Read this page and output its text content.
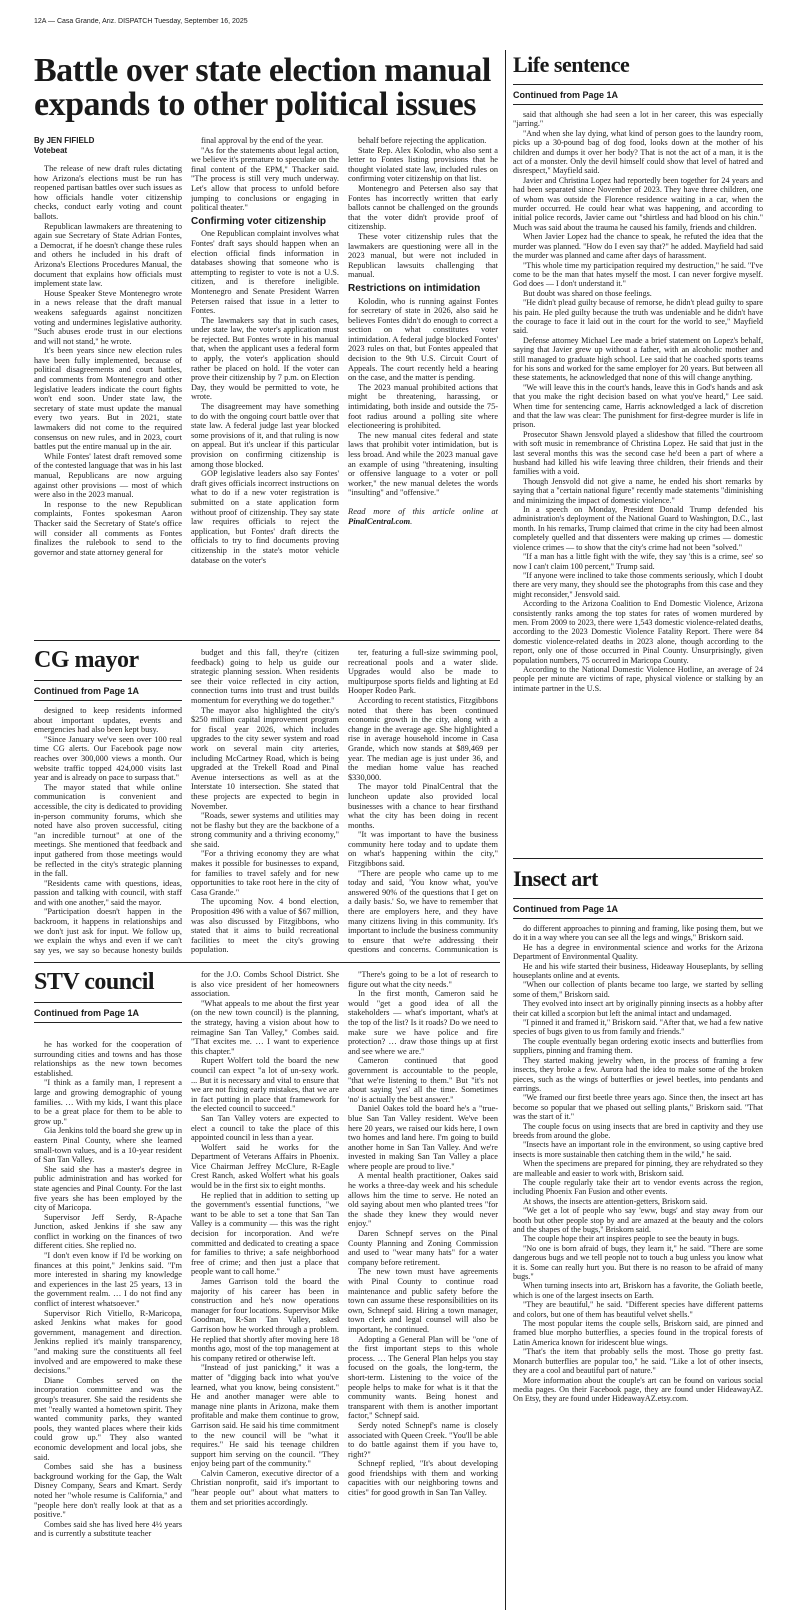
12A — Casa Grande, Ariz. DISPATCH Tuesday, September 16, 2025
Battle over state election manual expands to other political issues
By JEN FIFIELD
Votebeat

The release of new draft rules dictating how Arizona's elections must be run has reopened partisan battles over such issues as how officials handle voter citizenship checks, conduct early voting and count ballots.

Republican lawmakers are threatening to again sue Secretary of State Adrian Fontes, a Democrat, if he doesn't change these rules and others he included in his draft of Arizona's Elections Procedures Manual, the document that explains how officials must implement state law.

House Speaker Steve Montenegro wrote in a news release that the draft manual weakens safeguards against noncitizen voting and undermines legislative authority. "Such abuses erode trust in our elections and will not stand," he wrote.

It's been years since new election rules have been fully implemented, because of political disagreements and court battles, and comments from Montenegro and other legislative leaders indicate the court fights won't end soon. Under state law, the secretary of state must update the manual every two years. But in 2021, state lawmakers did not come to the required consensus on new rules, and in 2023, court battles put the entire manual up in the air.

While Fontes' latest draft removed some of the contested language that was in his last manual, Republicans are now arguing against other provisions — most of which were also in the 2023 manual.

In response to the new Republican complaints, Fontes spokesman Aaron Thacker said the Secretary of State's office will consider all comments as Fontes finalizes the rulebook to send to the governor and state attorney general for

final approval by the end of the year.

"As for the statements about legal action, we believe it's premature to speculate on the final content of the EPM," Thacker said. "The process is still very much underway. Let's allow that process to unfold before jumping to conclusions or engaging in political theater."

Confirming voter citizenship

One Republican complaint involves what Fontes' draft says should happen when an election official finds information in databases showing that someone who is attempting to register to vote is not a U.S. citizen, and is therefore ineligible. Montenegro and Senate President Warren Petersen raised that issue in a letter to Fontes.

The lawmakers say that in such cases, under state law, the voter's application must be rejected. But Fontes wrote in his manual that, when the applicant uses a federal form to apply, the voter's application should rather be placed on hold. If the voter can prove their citizenship by 7 p.m. on Election Day, they would be permitted to vote, he wrote.

The disagreement may have something to do with the ongoing court battle over that state law. A federal judge last year blocked some provisions of it, and that ruling is now on appeal. But it's unclear if this particular provision on confirming citizenship is among those blocked.

GOP legislative leaders also say Fontes' draft gives officials incorrect instructions on what to do if a new voter registration is submitted on a state application form without proof of citizenship. They say state law requires officials to reject the application, but Fontes' draft directs the officials to try to find documents proving citizenship in the state's motor vehicle database on the voter's

behalf before rejecting the application.

State Rep. Alex Kolodin, who also sent a letter to Fontes listing provisions that he thought violated state law, included rules on confirming voter citizenship on that list.

Montenegro and Petersen also say that Fontes has incorrectly written that early ballots cannot be challenged on the grounds that the voter didn't provide proof of citizenship.

These voter citizenship rules that the lawmakers are questioning were all in the 2023 manual, but were not included in Republican lawsuits challenging that manual.

Restrictions on intimidation

Kolodin, who is running against Fontes for secretary of state in 2026, also said he believes Fontes didn't do enough to correct a section on what constitutes voter intimidation. A federal judge blocked Fontes' 2023 rules on that, but Fontes appealed that decision to the 9th U.S. Circuit Court of Appeals. The court recently held a hearing on the case, and the matter is pending.

The 2023 manual prohibited actions that might be threatening, harassing, or intimidating, both inside and outside the 75-foot radius around a polling site where electioneering is prohibited.

The new manual cites federal and state laws that prohibit voter intimidation, but is less broad. And while the 2023 manual gave an example of using "threatening, insulting or offensive language to a voter or poll worker," the new manual deletes the words "insulting" and "offensive."

Read more of this article online at PinalCentral.com.
Life sentence
Continued from Page 1A

said that although she had seen a lot in her career, this was especially "jarring."

"And when she lay dying, what kind of person goes to the laundry room, picks up a 30-pound bag of dog food, looks down at the mother of his children and dumps it over her body? That is not the act of a man, it is the act of a monster. Only the devil himself could show that level of hatred and disrespect," Mayfield said.

Javier and Christina Lopez had reportedly been together for 24 years and had been separated since November of 2023. They have three children, one of whom was outside the Florence residence waiting in a car, when the murder occurred. He could hear what was happening, and according to initial police records, Javier came out "shirtless and had blood on his chin." Much was said about the trauma he caused his family, friends and children.

When Javier Lopez had the chance to speak, he refuted the idea that the murder was planned. "How do I even say that?" he added. Mayfield had said the murder was planned and came after days of harassment.

"This whole time my participation required my destruction," he said. "I've come to be the man that hates myself the most. I can never forgive myself. God does — I don't understand it."

But doubt was shared on those feelings.

"He didn't plead guilty because of remorse, he didn't plead guilty to spare his pain. He pled guilty because the truth was undeniable and he didn't have the courage to face it laid out in the court for the world to see," Mayfield said.

Defense attorney Michael Lee made a brief statement on Lopez's behalf, saying that Javier grew up without a father, with an alcoholic mother and still managed to graduate high school. Lee said that he coached sports teams for his sons and worked for the same employer for 20 years. But between all these statements, he acknowledged that none of this will change anything.

"We will leave this in the court's hands, leave this in God's hands and ask that you make the right decision based on what you've heard," Lee said. When time for sentencing came, Harris acknowledged a lack of discretion and that the law was clear: The punishment for first-degree murder is life in prison.

Prosecutor Shawn Jensvold played a slideshow that filled the courtroom with soft music in remembrance of Christina Lopez. He said that just in the last several months this was the second case he'd been a part of where a husband had killed his wife leaving three children, their friends and their families with a void.

Though Jensvold did not give a name, he ended his short remarks by saying that a "certain national figure" recently made statements "diminishing and minimizing the impact of domestic violence."

In a speech on Monday, President Donald Trump defended his administration's deployment of the National Guard to Washington, D.C., last month. In his remarks, Trump claimed that crime in the city had been almost completely quelled and that dissenters were making up crimes — domestic violence crimes — to show that the city's crime had not been "solved."

"If a man has a little fight with the wife, they say 'this is a crime, see' so now I can't claim 100 percent," Trump said.

"If anyone were inclined to take those comments seriously, which I doubt there are very many, they should see the photographs from this case and they might reconsider," Jensvold said.

According to the Arizona Coalition to End Domestic Violence, Arizona consistently ranks among the top states for rates of women murdered by men. From 2009 to 2023, there were 1,543 domestic violence-related deaths, according to the 2023 Domestic Violence Fatality Report. There were 84 domestic violence-related deaths in 2023 alone, though according to the report, only one of those occurred in Pinal County. Unsurprisingly, given population numbers, 75 occurred in Maricopa County.

According to the National Domestic Violence Hotline, an average of 24 people per minute are victims of rape, physical violence or stalking by an intimate partner in the U.S.

Insect art
Continued from Page 1A

do different approaches to pinning and framing, like posing them, but we do it in a way where you can see all the legs and wings," Briskorn said.

He has a degree in environmental science and works for the Arizona Department of Environmental Quality.

He and his wife started their business, Hideaway Houseplants, by selling houseplants online and at events.

"When our collection of plants became too large, we started by selling some of them," Briskorn said.

They evolved into insect art by originally pinning insects as a hobby after their cat killed a scorpion but left the animal intact and undamaged.

"I pinned it and framed it," Briskorn said. "After that, we had a few native species of bugs given to us from family and friends."

The couple eventually began ordering exotic insects and butterflies from suppliers, pinning and framing them.

They started making jewelry when, in the process of framing a few insects, they broke a few. Aurora had the idea to make some of the broken pieces, such as the wings of butterflies or jewel beetles, into pendants and earrings.

"We framed our first beetle three years ago. Since then, the insect art has become so popular that we phased out selling plants," Briskorn said. "That was the start of it."

The couple focus on using insects that are bred in captivity and they use breeds from around the globe.

"Insects have an important role in the environment, so using captive bred insects is more sustainable then catching them in the wild," he said.

When the specimens are prepared for pinning, they are rehydrated so they are malleable and easier to work with, Briskorn said.

The couple regularly take their art to vendor events across the region, including Phoenix Fan Fusion and other events.

At shows, the insects are attention-getters, Briskorn said.

"We get a lot of people who say 'eww, bugs' and stay away from our booth but other people stop by and are amazed at the beauty and the colors and the shapes of the bugs," Briskorn said.

The couple hope their art inspires people to see the beauty in bugs.

"No one is born afraid of bugs, they learn it," he said. "There are some dangerous bugs and we tell people not to touch a bug unless you know what it is. Some can really hurt you. But there is no reason to be afraid of many bugs."

When turning insects into art, Briskorn has a favorite, the Goliath beetle, which is one of the largest insects on Earth.

"They are beautiful," he said. "Different species have different patterns and colors, but one of them has beautiful velvet shells."

The most popular items the couple sells, Briskorn said, are pinned and framed blue morpho butterflies, a species found in the tropical forests of Latin America known for iridescent blue wings.

"That's the item that probably sells the most. Those go pretty fast. Monarch butterflies are popular too," he said. "Like a lot of other insects, they are a cool and beautiful part of nature."

More information about the couple's art can be found on various social media pages. On their Facebook page, they are found under HideawayAZ. On Etsy, they are found under HideawayAZ.etsy.com.

CG mayor
Continued from Page 1A

designed to keep residents informed about important updates, events and emergencies had also been kept busy.

"Since January we've seen over 100 real time CG alerts. Our Facebook page now reaches over 300,000 views a month. Our website traffic topped 424,000 visits last year and is already on pace to surpass that."

The mayor stated that while online communication is convenient and accessible, the city is dedicated to providing in-person community forums, which she noted have also proven successful, citing "an incredible turnout" at one of the meetings. She mentioned that feedback and input gathered from those meetings would be reflected in the city's strategic planning in the fall.

"Residents came with questions, ideas, passion and talking with council, with staff and with one another," said the mayor.

"Participation doesn't happen in the backroom, it happens in relationships and we don't just ask for input. We follow up, we explain the whys and even if we can't say yes, we say so because honesty builds

budget and this fall, they're (citizen feedback) going to help us guide our strategic planning session. When residents see their voice reflected in city action, connection turns into trust and trust builds momentum for everything we do together."

The mayor also highlighted the city's $250 million capital improvement program for fiscal year 2026, which includes upgrades to the city sewer system and road work on several main city arteries, including McCartney Road, which is being upgraded at the Trekell Road and Pinal Avenue intersections as well as at the Interstate 10 intersection. She stated that these projects are expected to begin in November.

"Roads, sewer systems and utilities may not be flashy but they are the backbone of a strong community and a thriving economy," she said.

"For a thriving economy they are what makes it possible for businesses to expand, for families to travel safely and for new opportunities to take root here in the city of Casa Grande."

The upcoming Nov. 4 bond election, Proposition 496 with a value of $67 million, was also discussed by Fitzgibbons, who stated that it aims to build recreational facilities to meet the city's growing population.

ter, featuring a full-size swimming pool, recreational pools and a water slide. Upgrades would also be made to multipurpose sports fields and lighting at Ed Hooper Rodeo Park.

According to recent statistics, Fitzgibbons noted that there has been continued economic growth in the city, along with a change in the average age. She highlighted a rise in average household income in Casa Grande, which now stands at $89,469 per year. The median age is just under 36, and the median home value has reached $330,000.

The mayor told PinalCentral that the luncheon update also provided local businesses with a chance to hear firsthand what the city has been doing in recent months.

"It was important to have the business community here today and to update them on what's happening within the city," Fitzgibbons said.

"There are people who came up to me today and said, 'You know what, you've answered 90% of the questions that I get on a daily basis.' So, we have to remember that there are employers here, and they have many citizens living in this community. It's important to include the business community to ensure that we're addressing their questions and concerns. Communication is

STV council
Continued from Page 1A

he has worked for the cooperation of surrounding cities and towns and has those relationships as the new town becomes established.

"I think as a family man, I represent a large and growing demographic of young families. … With my kids, I want this place to be a great place for them to be able to grow up."

Gia Jenkins told the board she grew up in eastern Pinal County, where she learned small-town values, and is a 10-year resident of San Tan Valley.

She said she has a master's degree in public administration and has worked for state agencies and Pinal County. For the last five years she has been employed by the city of Maricopa.

Supervisor Jeff Serdy, R-Apache Junction, asked Jenkins if she saw any conflict in working on the finances of two different cities. She replied no.

"I don't even know if I'd be working on finances at this point," Jenkins said. "I'm more interested in sharing my knowledge and experiences in the last 25 years, 13 in the government realm. … I do not find any conflict of interest whatsoever."

Supervisor Rich Vitiello, R-Maricopa, asked Jenkins what makes for good government, management and direction. Jenkins replied it's mainly transparency, "and making sure the constituents all feel involved and are empowered to make these decisions."

Diane Combes served on the incorporation committee and was the group's treasurer. She said the residents she met "really wanted a hometown spirit. They wanted community parks, they wanted pools, they wanted places where their kids could grow up." They also wanted economic development and local jobs, she said.

Combes said she has a business background working for the Gap, the Walt Disney Company, Sears and Kmart. Serdy noted her "whole resume is California," and "people here don't really look at that as a positive."

Combes said she has lived here 4½ years and is currently a substitute teacher

for the J.O. Combs School District. She is also vice president of her homeowners association.

"What appeals to me about the first year (on the new town council) is the planning, the strategy, having a vision about how to reimagine San Tan Valley," Combes said. "That excites me. … I want to experience this chapter."

Rupert Wolfert told the board the new council can expect "a lot of un-sexy work. ... But it is necessary and vital to ensure that we are not fixing early mistakes, that we are in fact putting in place that framework for the elected council to succeed."

San Tan Valley voters are expected to elect a council to take the place of this appointed council in less than a year.

Wolfert said he works for the Department of Veterans Affairs in Phoenix. Vice Chairman Jeffrey McClure, R-Eagle Crest Ranch, asked Wolfert what his goals would be in the first six to eight months.

He replied that in addition to setting up the government's essential functions, "we want to be able to set a tone that San Tan Valley is a community — this was the right decision for incorporation. And we're committed and dedicated to creating a space for families to thrive; a safe neighborhood free of crime; and then just a place that people want to call home."

James Garrison told the board the majority of his career has been in construction and he's now operations manager for four locations. Supervisor Mike Goodman, R-San Tan Valley, asked Garrison how he worked through a problem. He replied that shortly after moving here 18 months ago, most of the top management at his company retired or otherwise left.

"Instead of just panicking," it was a matter of "digging back into what you've learned, what you know, being consistent." He and another manager were able to manage nine plants in Arizona, make them profitable and make them continue to grow, Garrison said. He said his time commitment to the new council will be "what it requires." He said his teenage children support him serving on the council. "They enjoy being part of the community."

Calvin Cameron, executive director of a Christian nonprofit, said it's important to "hear people out" about what matters to them and set priorities accordingly.

"There's going to be a lot of research to figure out what the city needs."

In the first month, Cameron said he would "get a good idea of all the stakeholders — what's important, what's at the top of the list? Is it roads? Do we need to make sure we have police and fire protection? … draw those things up at first and see where we are."

Cameron continued that good government is accountable to the people, "that we're listening to them." But "it's not about saying 'yes' all the time. Sometimes 'no' is actually the best answer."

Daniel Oakes told the board he's a "true-blue San Tan Valley resident. We've been here 20 years, we raised our kids here, I own two homes and land here. I'm going to build another home in San Tan Valley. And we're invested in making San Tan Valley a place where people are proud to live."

A mental health practitioner, Oakes said he works a three-day week and his schedule allows him the time to serve. He noted an old saying about men who planted trees "for the shade they knew they would never enjoy."

Daren Schnepf serves on the Pinal County Planning and Zoning Commission and used to "wear many hats" for a water company before retirement.

The new town must have agreements with Pinal County to continue road maintenance and public safety before the town can assume these responsibilities on its own, Schnepf said. Hiring a town manager, town clerk and legal counsel will also be important, he continued.

Adopting a General Plan will be "one of the first important steps to this whole process. … The General Plan helps you stay focused on the goals, the long-term, the short-term. Listening to the voice of the people helps to make for what is it that the community wants. Being honest and transparent with them is another important factor," Schnepf said.

Serdy noted Schnepf's name is closely associated with Queen Creek. "You'll be able to do battle against them if you have to, right?"

Schnepf replied, "It's about developing good friendships with them and working capacities with our neighboring towns and cities" for good growth in San Tan Valley.
